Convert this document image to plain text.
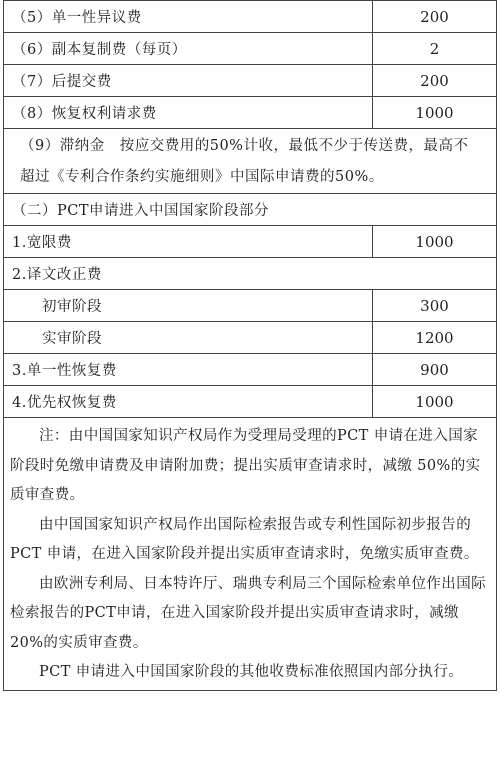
（5）单一性异议费	200
（6）副本复制费（每页）	2
（7）后提交费	200
（8）恢复权利请求费	1000

（9）滞纳金　按应交费用的50%计收，最低不少于传送费，最高不超过《专利合作条约实施细则》中国际申请费的50%。	

（二）PCT申请进入中国国家阶段部分	
1.宽限费	1000
2.译文改正费	
初审阶段	300
实审阶段	1200
3.单一性恢复费	900
4.优先权恢复费	1000

注：由中国国家知识产权局作为受理局受理的PCT 申请在进入国家阶段时免缴申请费及申请附加费；提出实质审查请求时，减缴 50%的实质审查费。

由中国国家知识产权局作出国际检索报告或专利性国际初步报告的 PCT 申请，在进入国家阶段并提出实质审查请求时，免缴实质审查费。

由欧洲专利局、日本特许厅、瑞典专利局三个国际检索单位作出国际检索报告的PCT申请，在进入国家阶段并提出实质审查请求时，减缴 20%的实质审查费。

PCT 申请进入中国国家阶段的其他收费标准依照国内部分执行。	
